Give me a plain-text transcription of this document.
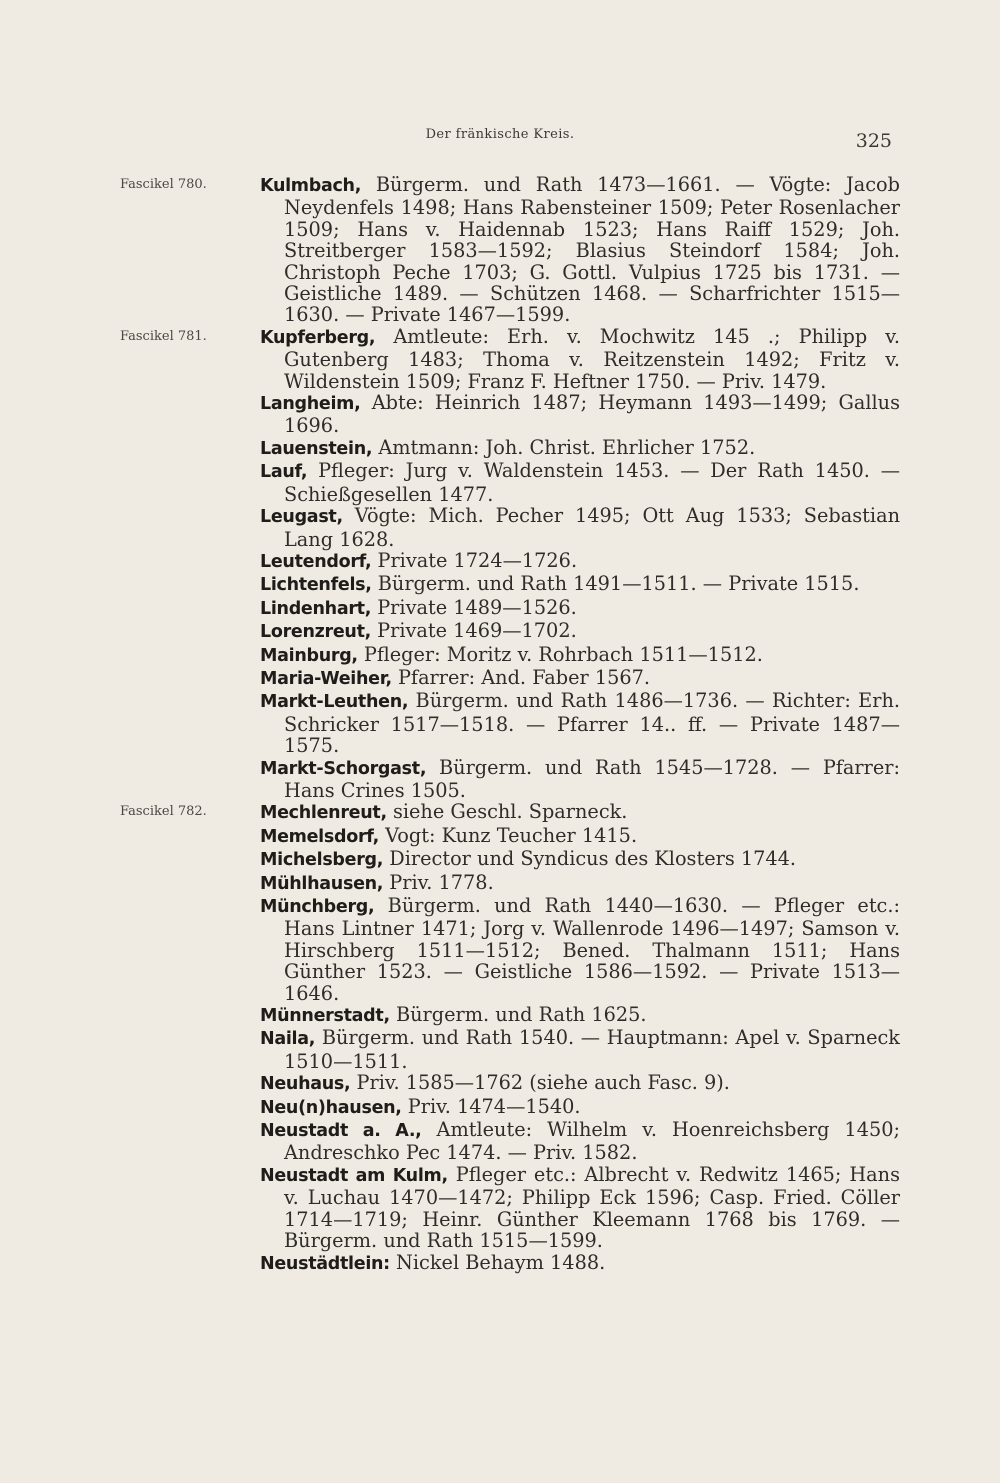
Der fränkische Kreis.	325
Fascikel 780.	Kulmbach, Bürgerm. und Rath 1473—1661. — Vögte: Jacob Neydenfels 1498; Hans Rabensteiner 1509; Peter Rosenlacher 1509; Hans v. Haidennab 1523; Hans Raiff 1529; Joh. Streitberger 1583—1592; Blasius Steindorf 1584; Joh. Christoph Peche 1703; G. Gottl. Vulpius 1725 bis 1731. — Geistliche 1489. — Schützen 1468. — Scharfrichter 1515—1630. — Private 1467—1599.
Fascikel 781.	Kupferberg, Amtleute: Erh. v. Mochwitz 145 .; Philipp v. Gutenberg 1483; Thoma v. Reitzenstein 1492; Fritz v. Wildenstein 1509; Franz F. Heftner 1750. — Priv. 1479.
Langheim, Abte: Heinrich 1487; Heymann 1493—1499; Gallus 1696.
Lauenstein, Amtmann: Joh. Christ. Ehrlicher 1752.
Lauf, Pfleger: Jurg v. Waldenstein 1453. — Der Rath 1450. — Schießgesellen 1477.
Leugast, Vögte: Mich. Pecher 1495; Ott Aug 1533; Sebastian Lang 1628.
Leutendorf, Private 1724—1726.
Lichtenfels, Bürgerm. und Rath 1491—1511. — Private 1515.
Lindenhart, Private 1489—1526.
Lorenzreut, Private 1469—1702.
Mainburg, Pfleger: Moritz v. Rohrbach 1511—1512.
Maria-Weiher, Pfarrer: And. Faber 1567.
Markt-Leuthen, Bürgerm. und Rath 1486—1736. — Richter: Erh. Schricker 1517—1518. — Pfarrer 14.. ff. — Private 1487—1575.
Markt-Schorgast, Bürgerm. und Rath 1545—1728. — Pfarrer: Hans Crines 1505.
Fascikel 782.	Mechlenreut, siehe Geschl. Sparneck.
Memelsdorf, Vogt: Kunz Teucher 1415.
Michelsberg, Director und Syndicus des Klosters 1744.
Mühlhausen, Priv. 1778.
Münchberg, Bürgerm. und Rath 1440—1630. — Pfleger etc.: Hans Lintner 1471; Jorg v. Wallenrode 1496—1497; Samson v. Hirschberg 1511—1512; Bened. Thalmann 1511; Hans Günther 1523. — Geistliche 1586—1592. — Private 1513—1646.
Münnerstadt, Bürgerm. und Rath 1625.
Naila, Bürgerm. und Rath 1540. — Hauptmann: Apel v. Sparneck 1510—1511.
Neuhaus, Priv. 1585—1762 (siehe auch Fasc. 9).
Neu(n)hausen, Priv. 1474—1540.
Neustadt a. A., Amtleute: Wilhelm v. Hoenreichsberg 1450; Andreschko Pec 1474. — Priv. 1582.
Neustadt am Kulm, Pfleger etc.: Albrecht v. Redwitz 1465; Hans v. Luchau 1470—1472; Philipp Eck 1596; Casp. Fried. Cöller 1714—1719; Heinr. Günther Kleemann 1768 bis 1769. — Bürgerm. und Rath 1515—1599.
Neustädtlein: Nickel Behaym 1488.
